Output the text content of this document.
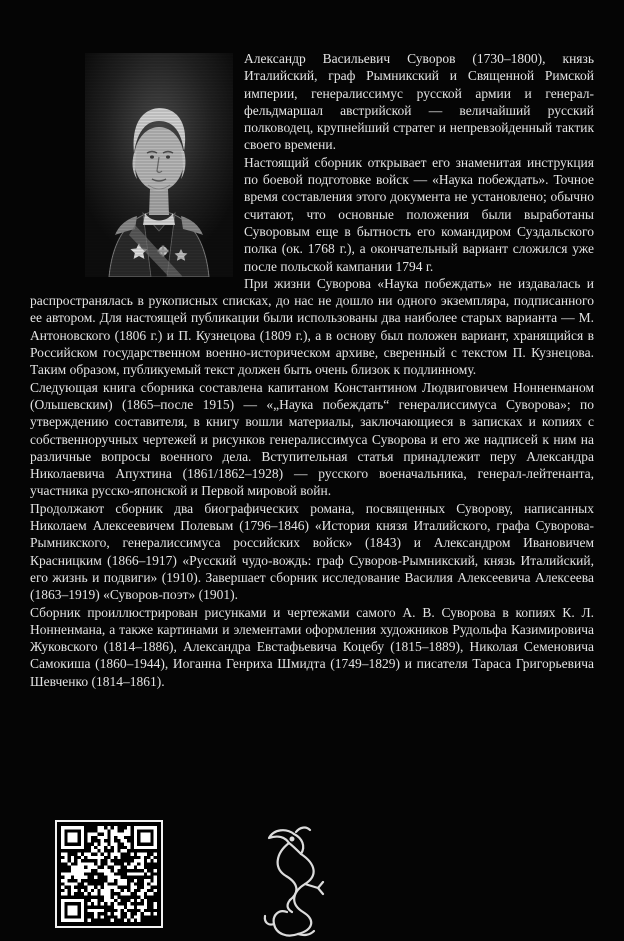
Александр Васильевич Суворов (1730–1800), князь Италийский, граф Рымникский и Священной Римской империи, генералиссимус русской армии и генерал-фельдмаршал австрийской — величайший русский полководец, крупнейший стратег и непревзойденный тактик своего времени.

Настоящий сборник открывает его знаменитая инструкция по боевой подготовке войск — «Наука побеждать». Точное время составления этого документа не установлено; обычно считают, что основные положения были выработаны Суворовым еще в бытность его командиром Суздальского полка (ок. 1768 г.), а окончательный вариант сложился уже после польской кампании 1794 г.

При жизни Суворова «Наука побеждать» не издавалась и распространялась в рукописных списках, до нас не дошло ни одного экземпляра, подписанного ее автором. Для настоящей публикации были использованы два наиболее старых варианта — М. Антоновского (1806 г.) и П. Кузнецова (1809 г.), а в основу был положен вариант, хранящийся в Российском государственном военно-историческом архиве, сверенный с текстом П. Кузнецова. Таким образом, публикуемый текст должен быть очень близок к подлинному.

Следующая книга сборника составлена капитаном Константином Людвиговичем Нонненманом (Ольшевским) (1865–после 1915) — «„Наука побеждать“ генералиссимуса Суворова»; по утверждению составителя, в книгу вошли материалы, заключающиеся в записках и копиях с собственноручных чертежей и рисунков генералиссимуса Суворова и его же надписей к ним на различные вопросы военного дела. Вступительная статья принадлежит перу Александра Николаевича Апухтина (1861/1862–1928) — русского военачальника, генерал-лейтенанта, участника русско-японской и Первой мировой войн.

Продолжают сборник два биографических романа, посвященных Суворову, написанных Николаем Алексеевичем Полевым (1796–1846) «История князя Италийского, графа Суворова-Рымникского, генералиссимуса российских войск» (1843) и Александром Ивановичем Красницким (1866–1917) «Русский чудо-вождь: граф Суворов-Рымникский, князь Италийский, его жизнь и подвиги» (1910). Завершает сборник исследование Василия Алексеевича Алексеева (1863–1919) «Суворов-поэт» (1901).

Сборник проиллюстрирован рисунками и чертежами самого А. В. Суворова в копиях К. Л. Нонненмана, а также картинами и элементами оформления художников Рудольфа Казимировича Жуковского (1814–1886), Александра Евстафьевича Коцебу (1815–1889), Николая Семеновича Самокиша (1860–1944), Иоганна Генриха Шмидта (1749–1829) и писателя Тараса Григорьевича Шевченко (1814–1861).
